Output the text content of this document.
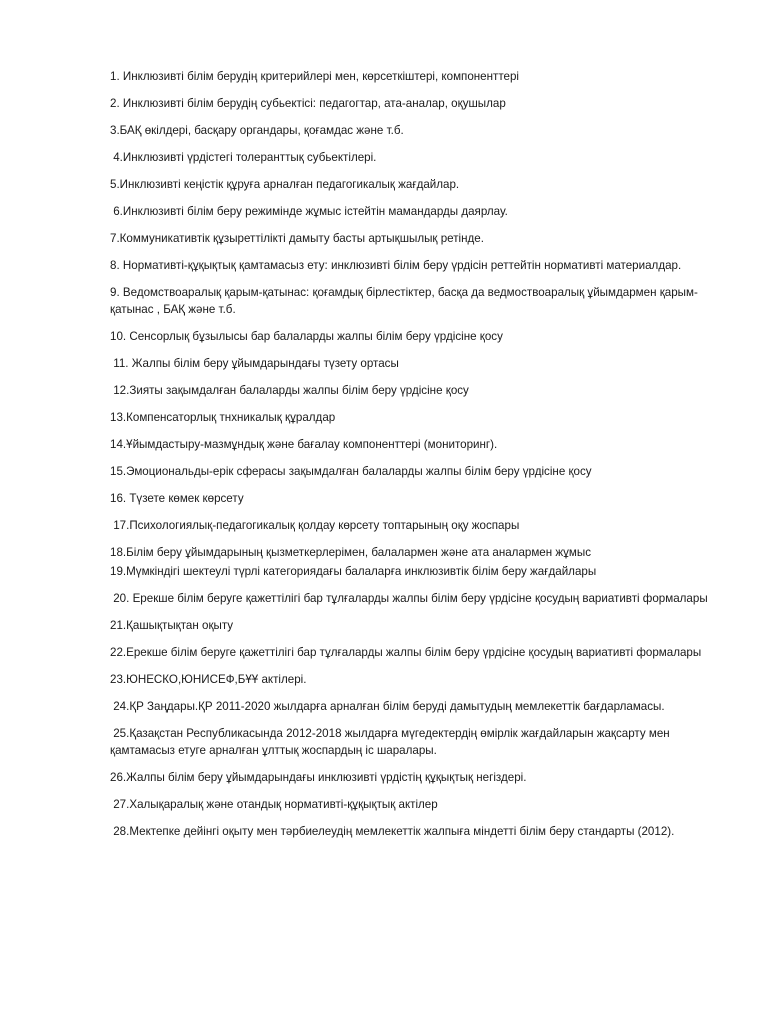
1. Инклюзивті білім берудің критерийлері мен, көрсеткіштері, компоненттері

2. Инклюзивті білім берудің субьектісі: педагогтар, ата-аналар, оқушылар

3.БАҚ өкілдері, басқару органдары, қоғамдас және т.б.

4.Инклюзивті үрдістегі толеранттық субьектілері.

5.Инклюзивті кеңістік құруға арналған педагогикалық жағдайлар.

6.Инклюзивті білім беру режимінде жұмыс істейтін мамандарды даярлау.

7.Коммуникативтік құзыреттілікті дамыту басты артықшылық ретінде.

8. Нормативті-құқықтық қамтамасыз ету: инклюзивті білім беру үрдісін реттейтін нормативті материалдар.

9. Ведомствоаралық қарым-қатынас: қоғамдық бірлестіктер, басқа да ведмоствоаралық ұйымдармен қарым-қатынас , БАҚ және т.б.

10. Сенсорлық бұзылысы бар балаларды жалпы білім беру үрдісіне қосу

11. Жалпы білім беру ұйымдарындағы түзету ортасы

12.Зияты зақымдалған балаларды жалпы білім беру үрдісіне қосу

13.Компенсаторлық тнхникалық құралдар

14.Ұйымдастыру-мазмұндық және бағалау компоненттері (мониторинг).

15.Эмоциональды-ерік сферасы зақымдалған балаларды жалпы білім беру үрдісіне қосу

16. Түзете көмек көрсету

17.Психологиялық-педагогикалық қолдау көрсету топтарының оқу жоспары

18.Білім беру ұйымдарының қызметкерлерімен, балалармен және ата аналармен жұмыс

19.Мүмкіндігі шектеулі түрлі категориядағы балаларға инклюзивтік білім беру жағдайлары

20. Ерекше білім беруге қажеттілігі бар тұлғаларды жалпы білім беру үрдісіне қосудың вариативті формалары

21.Қашықтықтан оқыту

22.Ерекше білім беруге қажеттілігі бар тұлғаларды жалпы білім беру үрдісіне қосудың вариативті формалары

23.ЮНЕСКО,ЮНИСЕФ,БҰҰ актілері.

24.ҚР Заңдары.ҚР 2011-2020 жылдарға арналған білім беруді дамытудың мемлекеттік бағдарламасы.

25.Қазақстан Республикасында 2012-2018 жылдарға мүгедектердің өмірлік жағдайларын жақсарту мен қамтамасыз етуге арналған ұлттық жоспардың іс шаралары.

26.Жалпы білім беру ұйымдарындағы инклюзивті үрдістің құқықтық негіздері.

27.Халықаралық және отандық нормативті-құқықтық актілер

28.Мектепке дейінгі оқыту мен тәрбиелеудің мемлекеттік жалпыға міндетті білім беру стандарты (2012).
